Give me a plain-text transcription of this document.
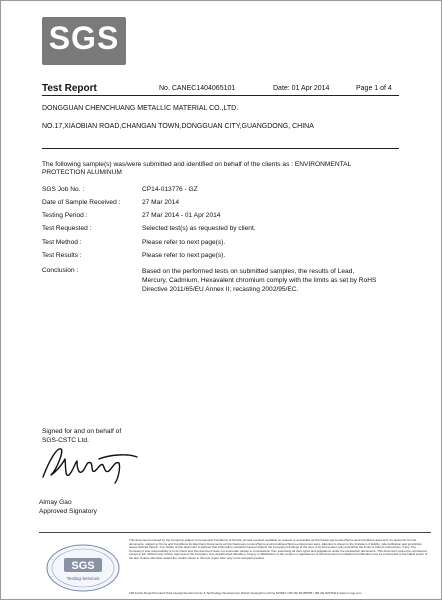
SGS
Test Report	No. CANEC1404065101	Date: 01 Apr 2014	Page 1 of 4
DONGGUAN CHENCHUANG METALLIC MATERIAL CO.,LTD.
NO.17,XIAOBIAN ROAD,CHANGAN TOWN,DONGGUAN CITY,GUANGDONG, CHINA
The following sample(s) was/were submitted and identified on behalf of the clients as : ENVIRONMENTAL
PROTECTION ALUMINUM
SGS Job No. :	CP14-013776 - GZ
Date of Sample Received :	27 Mar 2014
Testing Period :	27 Mar 2014 - 01 Apr 2014
Test Requested :	Selected test(s) as requested by client.
Test Method :	Please refer to next page(s).
Test Results :	Please refer to next page(s).
Conclusion :	Based on the performed tests on submitted samples, the results of Lead,
Mercury, Cadmium, Hexavalent chromium comply with the limits as set by RoHS
Directive 2011/65/EU Annex II; recasting 2002/95/EC.
Signed for and on behalf of
SGS-CSTC Ltd.
Almay Gao
Approved Signatory
SGS
Testing Services
This document is issued by the Company subject to its General Conditions of Service printed overleaf, available on request or accessible at http://www.sgs.com/en/Terms-and-Conditions.aspx and, for electronic format documents, subject to Terms and Conditions for Electronic Documents at http://www.sgs.com/en/Terms-and-Conditions/Terms-e-Document.aspx. Attention is drawn to the limitation of liability, indemnification and jurisdiction issues defined therein. Any holder of this document is advised that information contained hereon reflects the Company's findings at the time of its intervention only and within the limits of Client's instructions, if any. The Company's sole responsibility is to its Client and this document does not exonerate parties to a transaction from exercising all their rights and obligations under the transaction documents. This document cannot be reproduced except in full, without prior written approval of the Company. Any unauthorized alteration, forgery or falsification of the content or appearance of this document is unlawful and offenders may be prosecuted to the fullest extent of the law. Unless otherwise stated the results shown in this test report refer only to the sample(s) tested.
198 Kezhu Road,Scientech Park Guangzhou Economic & Technology Development District,Guangzhou,China 510663 t (86-20) 82155555 f (86-20) 82075113 www.cn.sgs.com
